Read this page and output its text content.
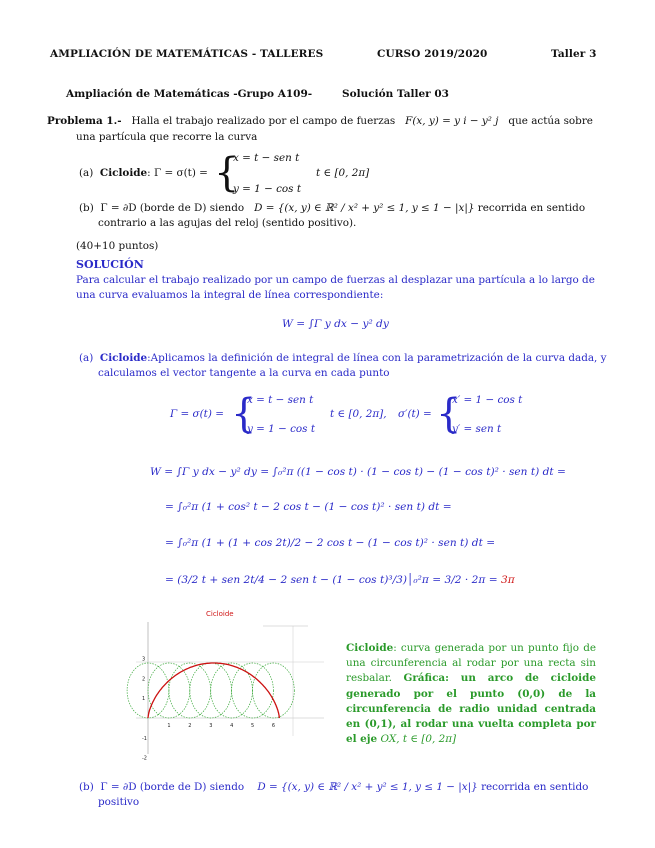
AMPLIACIÓN DE MATEMÁTICAS - TALLERES	CURSO 2019/2020	Taller 3
Ampliación de Matemáticas -Grupo A109-	Solución Taller 03
Problema 1.- Halla el trabajo realizado por el campo de fuerzas F(x, y) = y i − y² j que actúa sobre
una partícula que recorre la curva
(a) Cicloide: Γ = σ(t) = {
x = t − sen t
y = 1 − cos t
t ∈ [0, 2π]
(b) Γ = ∂D (borde de D) siendo D = {(x, y) ∈ ℝ² / x² + y² ≤ 1, y ≤ 1 − |x|} recorrida en sentido
contrario a las agujas del reloj (sentido positivo).
(40+10 puntos)
SOLUCIÓN
Para calcular el trabajo realizado por un campo de fuerzas al desplazar una partícula a lo largo de
una curva evaluamos la integral de línea correspondiente:
W = ∫Γ y dx − y² dy
(a) Cicloide:Aplicamos la definición de integral de línea con la parametrización de la curva dada, y
calculamos el vector tangente a la curva en cada punto
Γ = σ(t) = {
x = t − sen t
y = 1 − cos t
t ∈ [0, 2π], σ′(t) = {
x′ = 1 − cos t
y′ = sen t
W = ∫Γ y dx − y² dy = ∫₀²π ((1 − cos t) · (1 − cos t) − (1 − cos t)² · sen t) dt =
= ∫₀²π (1 + cos² t − 2 cos t − (1 − cos t)² · sen t) dt =
= ∫₀²π (1 + (1 + cos 2t)/2 − 2 cos t − (1 − cos t)² · sen t) dt =
= (3/2 t + sen 2t/4 − 2 sen t − (1 − cos t)³/3)│₀²π = 3/2 · 2π = 3π
Cicloide
1	2	3	4	5	6
3
2
1
-1
-2
Cicloide: curva generada por un punto fijo de una circunferencia al rodar por una recta sin resbalar. Gráfica: un arco de cicloide generado por el punto (0,0) de la circunferencia de radio unidad centrada en (0,1), al rodar una vuelta completa por el eje OX, t ∈ [0, 2π]
(b) Γ = ∂D (borde de D) siendo D = {(x, y) ∈ ℝ² / x² + y² ≤ 1, y ≤ 1 − |x|} recorrida en sentido
positivo
